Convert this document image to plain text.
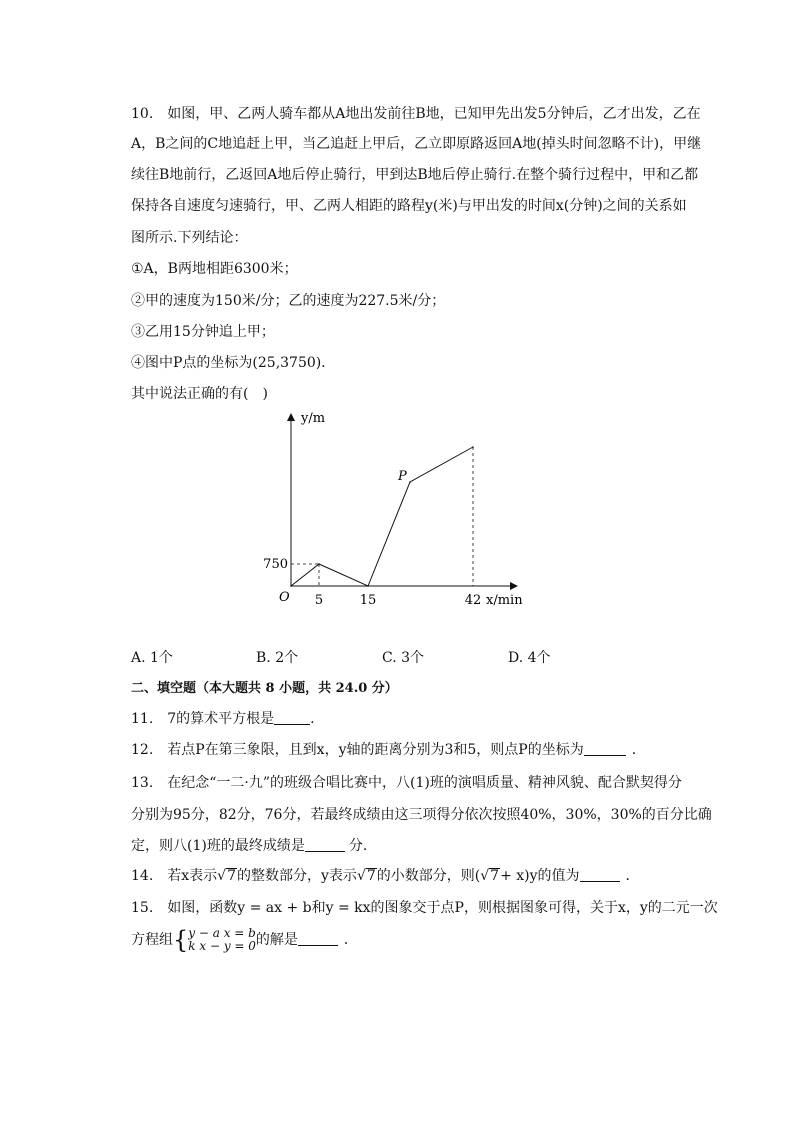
10.　如图，甲、乙两人骑车都从A地出发前往B地，已知甲先出发5分钟后，乙才出发，乙在
A，B之间的C地追赶上甲，当乙追赶上甲后，乙立即原路返回A地(掉头时间忽略不计)，甲继
续往B地前行，乙返回A地后停止骑行，甲到达B地后停止骑行.在整个骑行过程中，甲和乙都
保持各自速度匀速骑行，甲、乙两人相距的路程y(米)与甲出发的时间x(分钟)之间的关系如
图所示.下列结论：
①A，B两地相距6300米；
②甲的速度为150米/分；乙的速度为227.5米/分；
③乙用15分钟追上甲；
④图中P点的坐标为(25,3750)．
其中说法正确的有(　)
5	15	42
750
P
y/m
x/min
O
A. 1个	B. 2个	C. 3个	D. 4个
二、填空题（本大题共 8 小题，共 24.0 分）
11.　7的算术平方根是	.
12.　若点P在第三象限，且到x，y轴的距离分别为3和5，则点P的坐标为	．
13.　在纪念“一二·九”的班级合唱比赛中，八(1)班的演唱质量、精神风貌、配合默契得分
分别为95分，82分，76分，若最终成绩由这三项得分依次按照40%，30%，30%的百分比确
定，则八(1)班的最终成绩是	分.
14.　若x表示√7的整数部分，y表示√7的小数部分，则(√7+ x)y的值为	．
15.　如图，函数y = ax + b和y = kx的图象交于点P，则根据图象可得，关于x，y的二元一次
方程组{ y − a x = b
k x − y = 0 的解是	．
